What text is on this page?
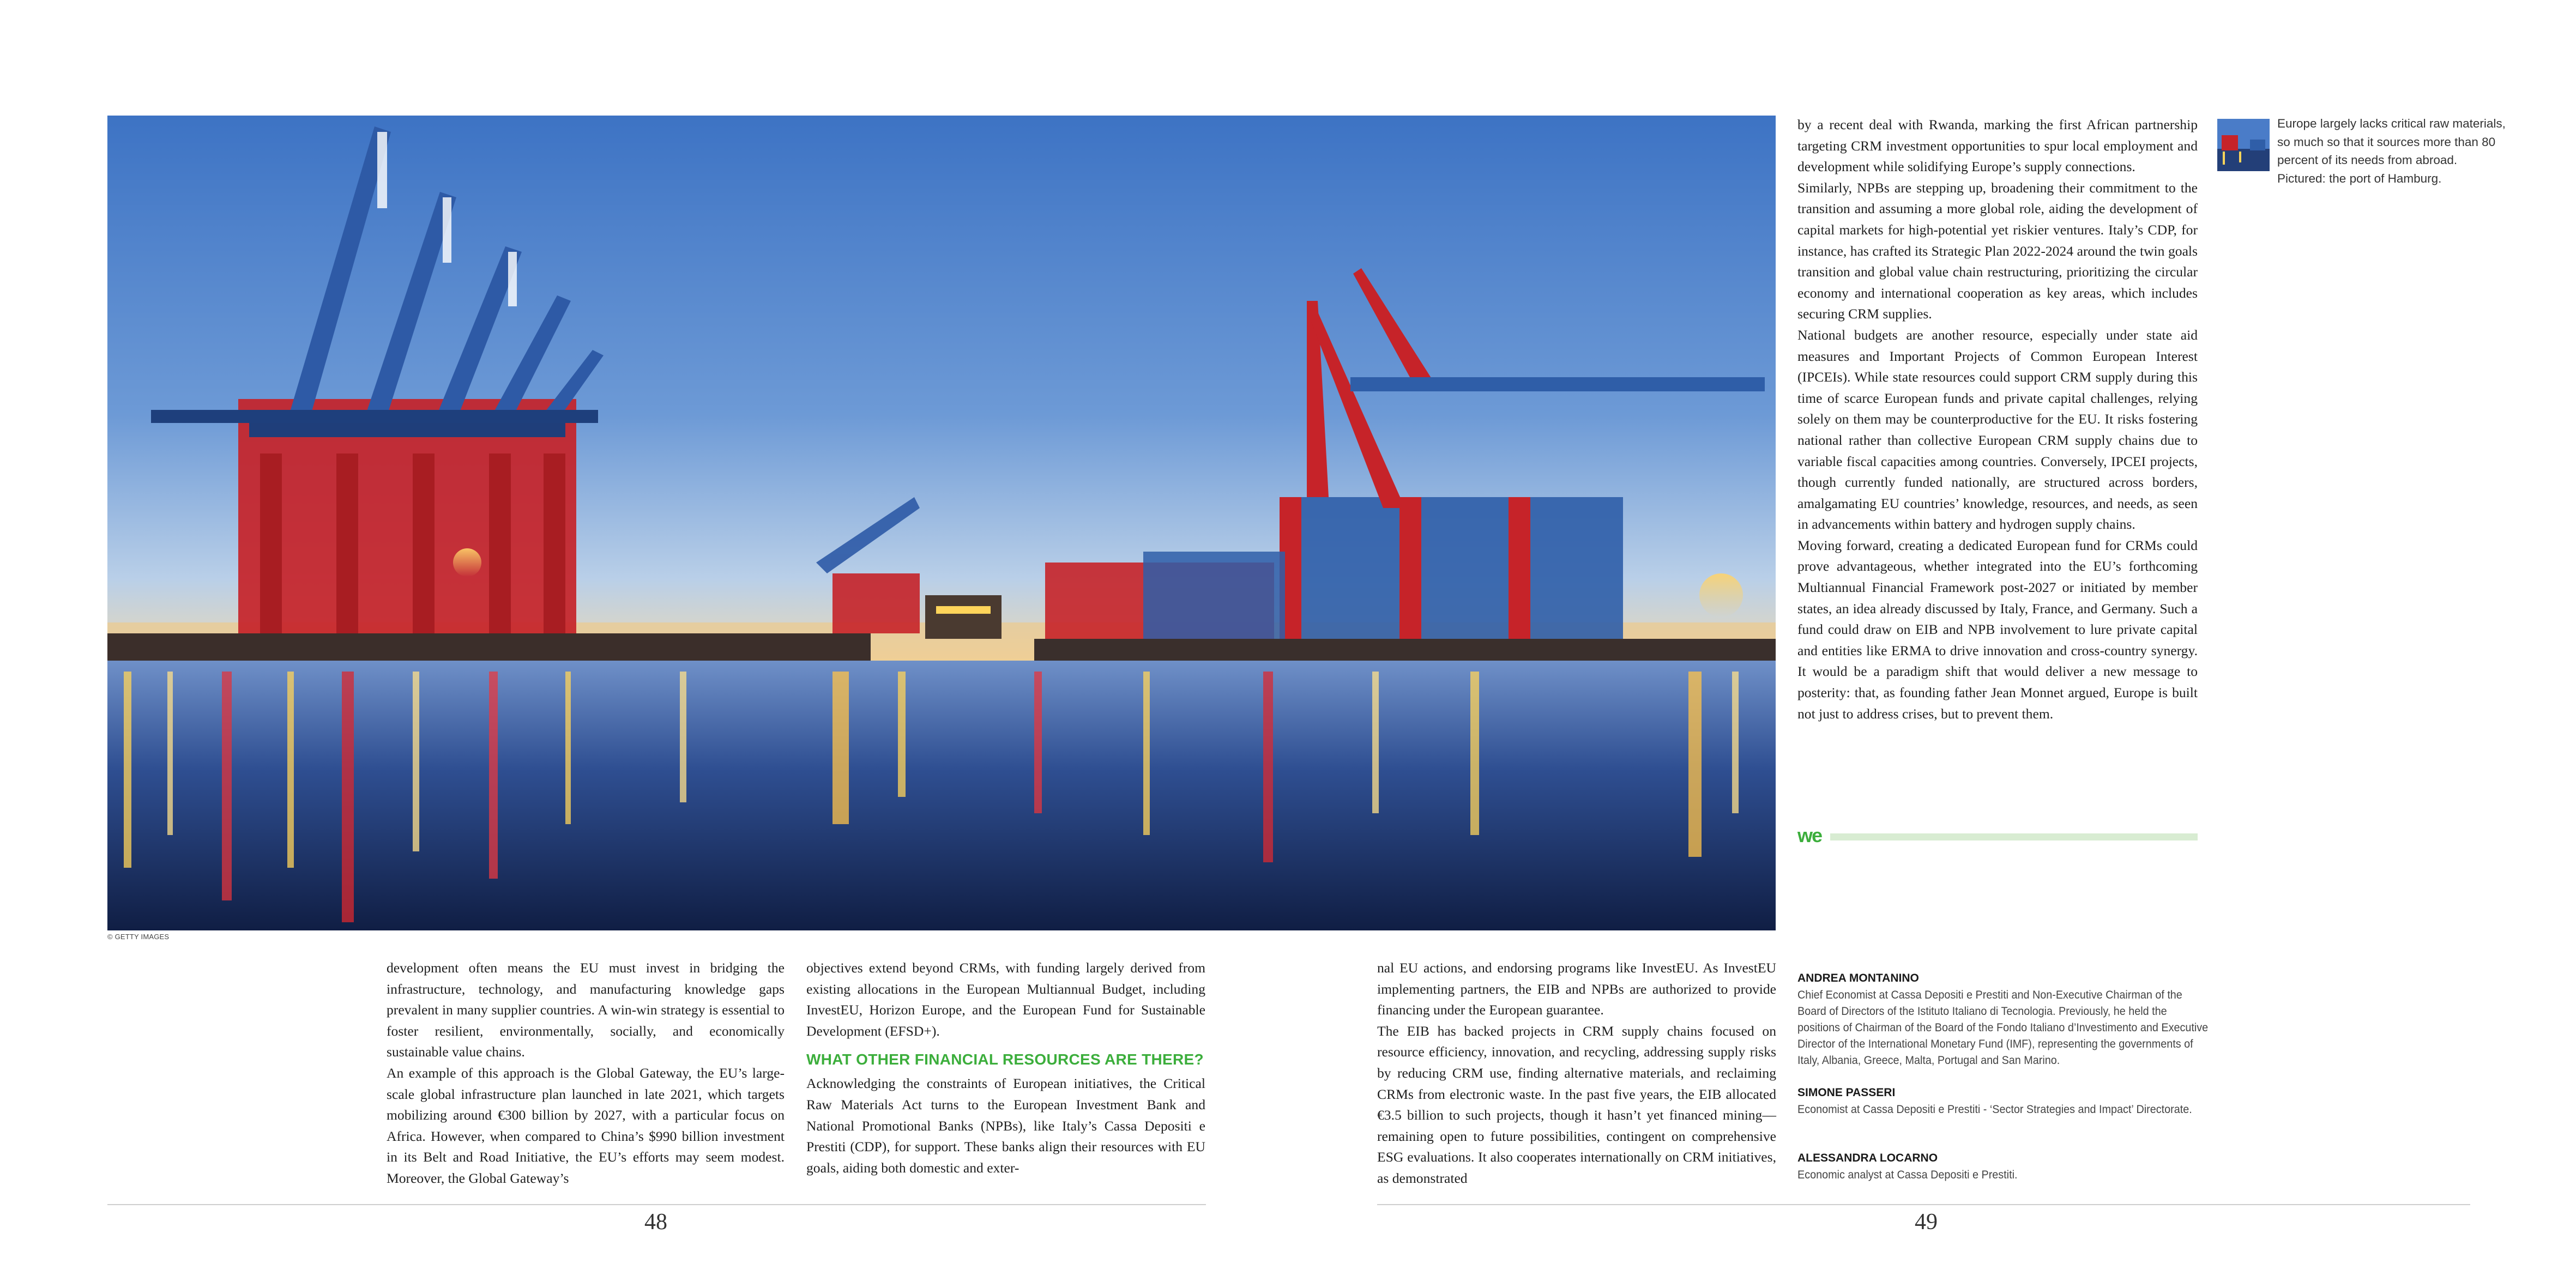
© GETTY IMAGES

development often means the EU must invest in bridging the infrastructure, technology, and manufacturing knowledge gaps prevalent in many supplier countries. A win-win strategy is essential to foster resilient, environmentally, socially, and economically sustainable value chains.

An example of this approach is the Global Gateway, the EU’s large-scale global infrastructure plan launched in late 2021, which targets mobilizing around €300 billion by 2027, with a particular focus on Africa. However, when compared to China’s $990 billion investment in its Belt and Road Initiative, the EU’s efforts may seem modest. Moreover, the Global Gateway’s

objectives extend beyond CRMs, with funding largely derived from existing allocations in the European Multiannual Budget, including InvestEU, Horizon Europe, and the European Fund for Sustainable Development (EFSD+).

WHAT OTHER FINANCIAL RESOURCES ARE THERE?

Acknowledging the constraints of European initiatives, the Critical Raw Materials Act turns to the European Investment Bank and National Promotional Banks (NPBs), like Italy’s Cassa Depositi e Prestiti (CDP), for support. These banks align their resources with EU goals, aiding both domestic and exter-

nal EU actions, and endorsing programs like InvestEU. As InvestEU implementing partners, the EIB and NPBs are authorized to provide financing under the European guarantee.

The EIB has backed projects in CRM supply chains focused on resource efficiency, innovation, and recycling, addressing supply risks by reducing CRM use, finding alternative materials, and reclaiming CRMs from electronic waste. In the past five years, the EIB allocated €3.5 billion to such projects, though it hasn’t yet financed mining—remaining open to future possibilities, contingent on comprehensive ESG evaluations. It also cooperates internationally on CRM initiatives, as demonstrated

by a recent deal with Rwanda, marking the first African partnership targeting CRM investment opportunities to spur local employment and development while solidifying Europe’s supply connections.

Similarly, NPBs are stepping up, broadening their commitment to the transition and assuming a more global role, aiding the development of capital markets for high-potential yet riskier ventures. Italy’s CDP, for instance, has crafted its Strategic Plan 2022-2024 around the twin goals transition and global value chain restructuring, prioritizing the circular economy and international cooperation as key areas, which includes securing CRM supplies.

National budgets are another resource, especially under state aid measures and Important Projects of Common European Interest (IPCEIs). While state resources could support CRM supply during this time of scarce European funds and private capital challenges, relying solely on them may be counterproductive for the EU. It risks fostering national rather than collective European CRM supply chains due to variable fiscal capacities among countries. Conversely, IPCEI projects, though currently funded nationally, are structured across borders, amalgamating EU countries’ knowledge, resources, and needs, as seen in advancements within battery and hydrogen supply chains.

Moving forward, creating a dedicated European fund for CRMs could prove advantageous, whether integrated into the EU’s forthcoming Multiannual Financial Framework post-2027 or initiated by member states, an idea already discussed by Italy, France, and Germany. Such a fund could draw on EIB and NPB involvement to lure private capital and entities like ERMA to drive innovation and cross-country synergy. It would be a paradigm shift that would deliver a new message to posterity: that, as founding father Jean Monnet argued, Europe is built not just to address crises, but to prevent them.

we
Europe largely lacks critical raw materials, so much so that it sources more than 80 percent of its needs from abroad. Pictured: the port of Hamburg.
ANDREA MONTANINO
Chief Economist at Cassa Depositi e Prestiti and Non-Executive Chairman of the Board of Directors of the Istituto Italiano di Tecnologia. Previously, he held the positions of Chairman of the Board of the Fondo Italiano d’Investimento and Executive Director of the International Monetary Fund (IMF), representing the governments of Italy, Albania, Greece, Malta, Portugal and San Marino.
SIMONE PASSERI
Economist at Cassa Depositi e Prestiti - ‘Sector Strategies and Impact’ Directorate.
ALESSANDRA LOCARNO
Economic analyst at Cassa Depositi e Prestiti.
48	49
